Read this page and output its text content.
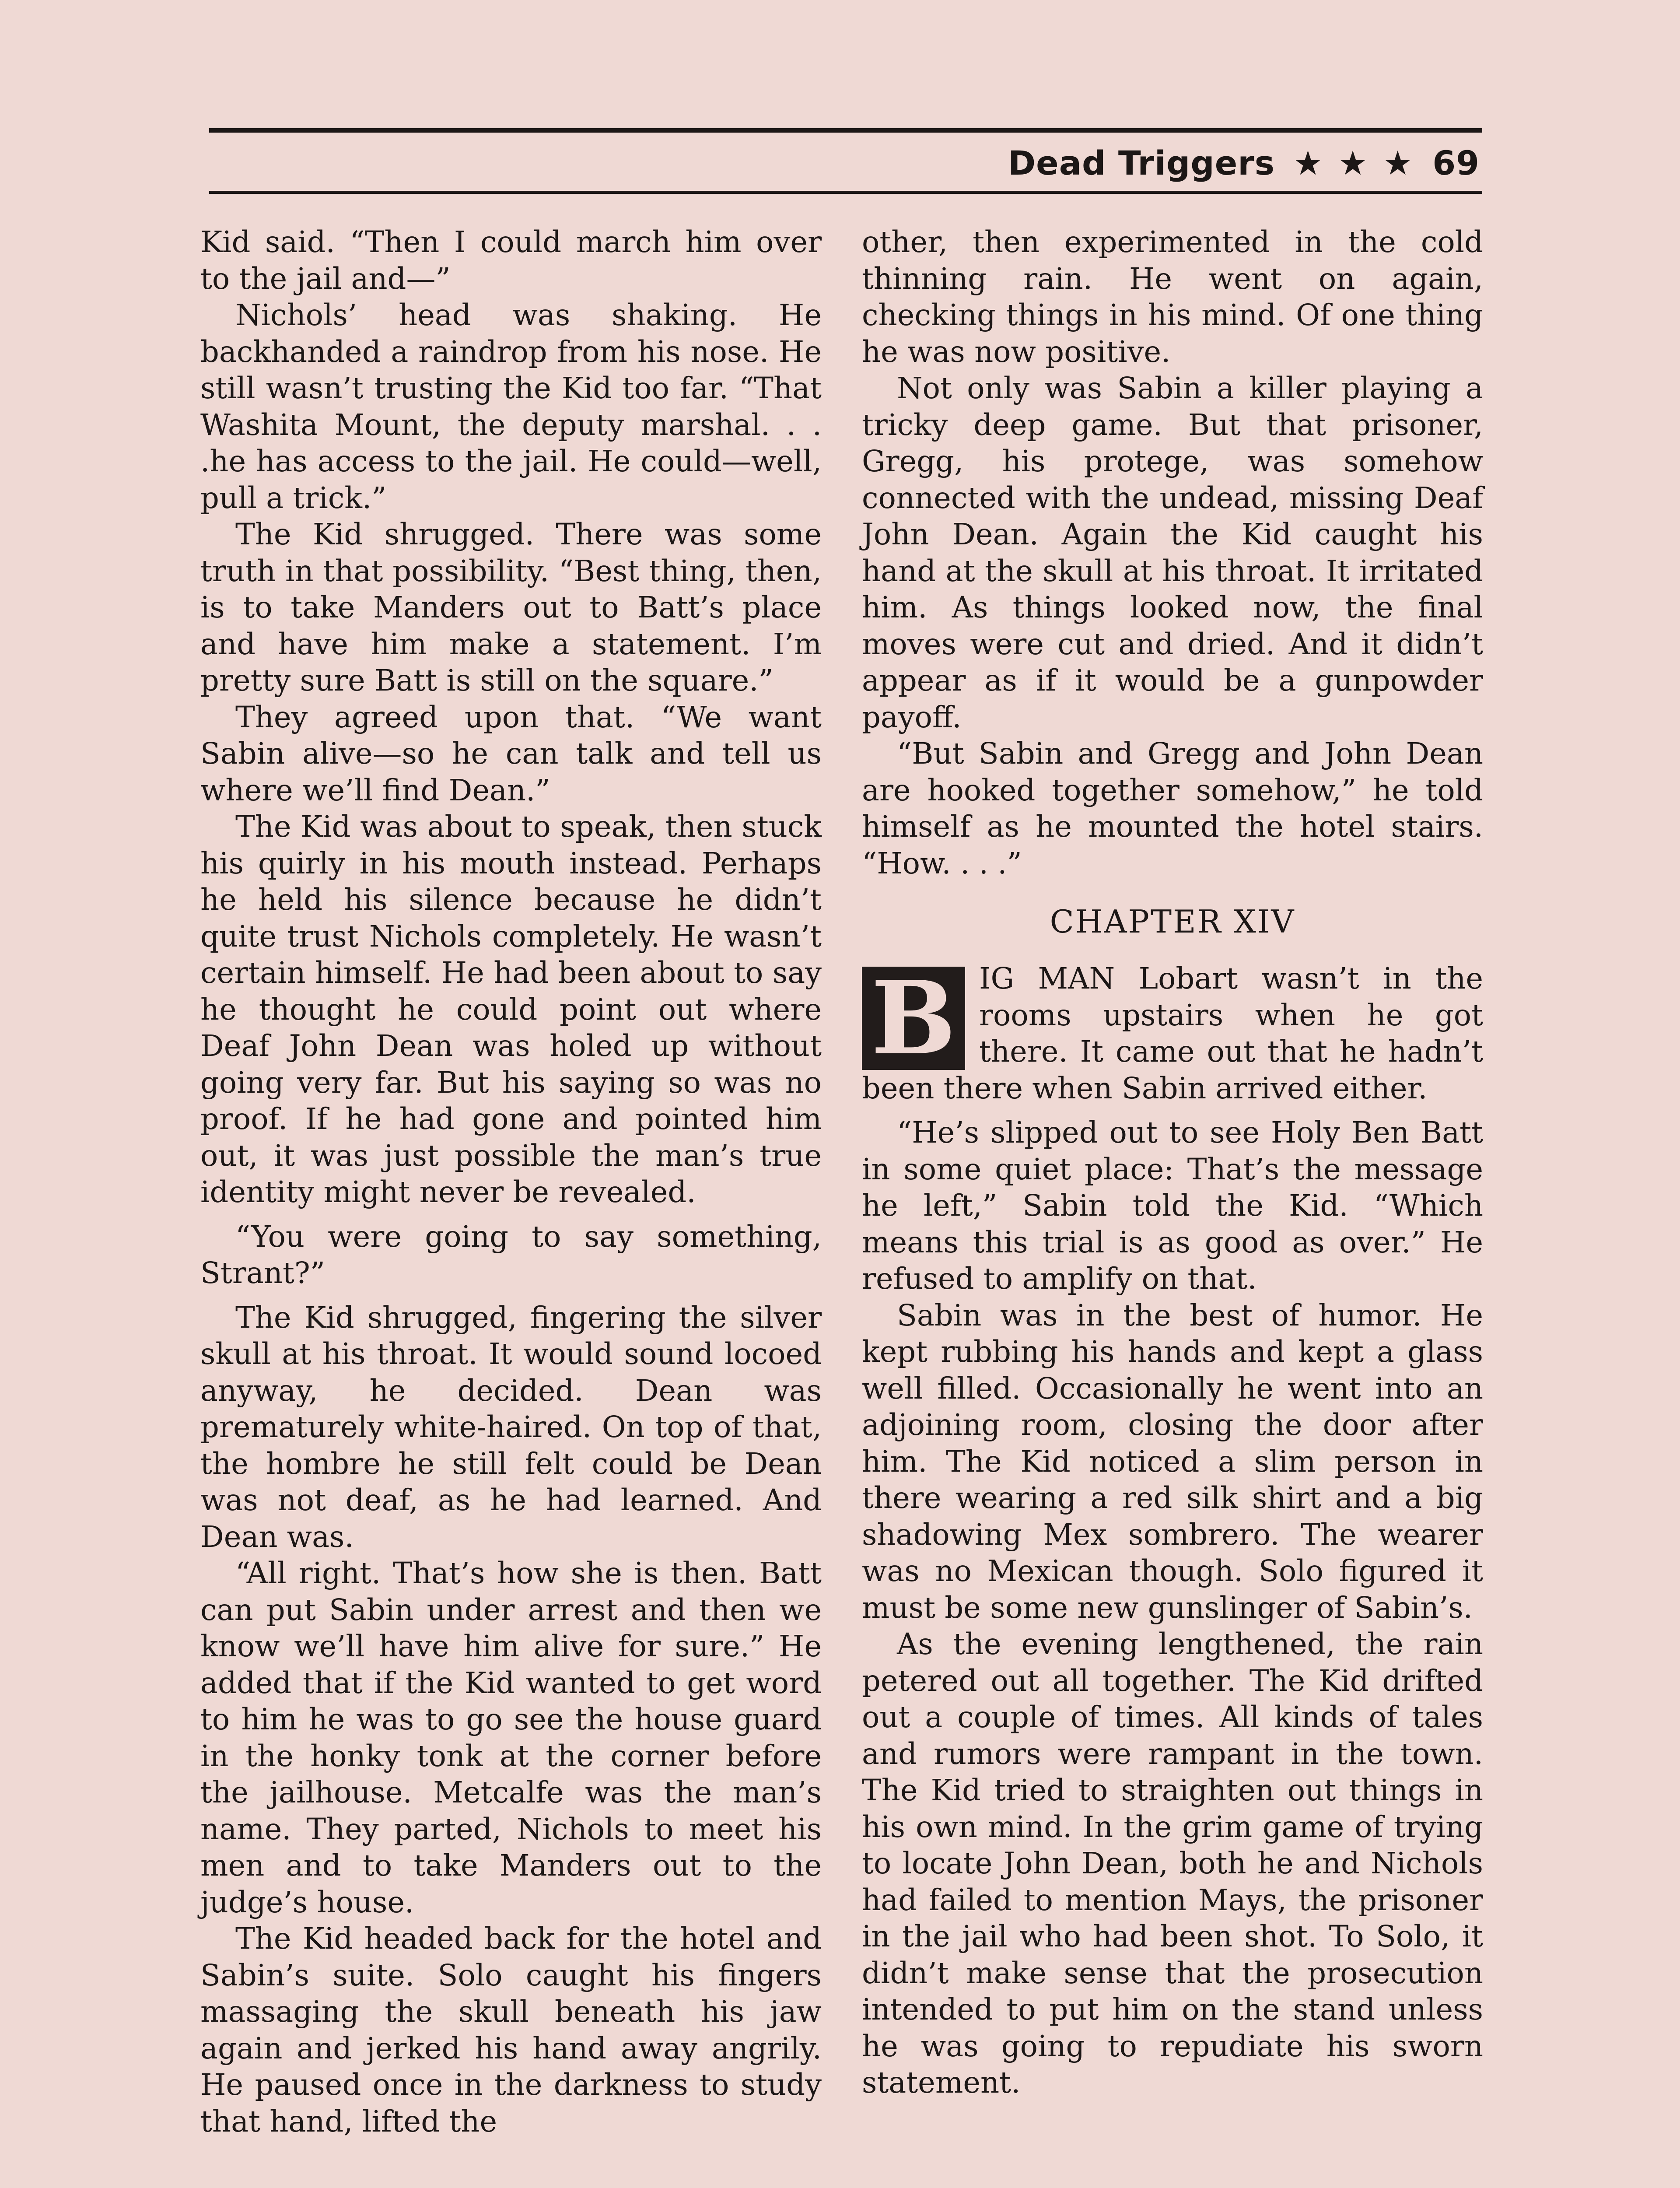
Dead Triggers ★ ★ ★ 69

Kid said. “Then I could march him over to the jail and—”

Nichols’ head was shaking. He backhanded a raindrop from his nose. He still wasn’t trusting the Kid too far. “That Washita Mount, the deputy marshal. . . .he has access to the jail. He could—well, pull a trick.”

The Kid shrugged. There was some truth in that possibility. “Best thing, then, is to take Manders out to Batt’s place and have him make a statement. I’m pretty sure Batt is still on the square.”

They agreed upon that. “We want Sabin alive—so he can talk and tell us where we’ll find Dean.”

The Kid was about to speak, then stuck his quirly in his mouth instead. Perhaps he held his silence because he didn’t quite trust Nichols completely. He wasn’t certain himself. He had been about to say he thought he could point out where Deaf John Dean was holed up without going very far. But his saying so was no proof. If he had gone and pointed him out, it was just possible the man’s true identity might never be revealed.

“You were going to say something, Strant?”

The Kid shrugged, fingering the silver skull at his throat. It would sound locoed anyway, he decided. Dean was prematurely white-haired. On top of that, the hombre he still felt could be Dean was not deaf, as he had learned. And Dean was.

“All right. That’s how she is then. Batt can put Sabin under arrest and then we know we’ll have him alive for sure.” He added that if the Kid wanted to get word to him he was to go see the house guard in the honky tonk at the corner before the jailhouse. Metcalfe was the man’s name. They parted, Nichols to meet his men and to take Manders out to the judge’s house.

The Kid headed back for the hotel and Sabin’s suite. Solo caught his fingers massaging the skull beneath his jaw again and jerked his hand away angrily. He paused once in the darkness to study that hand, lifted the

other, then experimented in the cold thinning rain. He went on again, checking things in his mind. Of one thing he was now positive.

Not only was Sabin a killer playing a tricky deep game. But that prisoner, Gregg, his protege, was somehow connected with the undead, missing Deaf John Dean. Again the Kid caught his hand at the skull at his throat. It irritated him. As things looked now, the final moves were cut and dried. And it didn’t appear as if it would be a gunpowder payoff.

“But Sabin and Gregg and John Dean are hooked together somehow,” he told himself as he mounted the hotel stairs. “How. . . .”

CHAPTER XIV

B IG MAN Lobart wasn’t in the rooms upstairs when he got there. It came out that he hadn’t been there when Sabin arrived either.

“He’s slipped out to see Holy Ben Batt in some quiet place: That’s the message he left,” Sabin told the Kid. “Which means this trial is as good as over.” He refused to amplify on that.

Sabin was in the best of humor. He kept rubbing his hands and kept a glass well filled. Occasionally he went into an adjoining room, closing the door after him. The Kid noticed a slim person in there wearing a red silk shirt and a big shadowing Mex sombrero. The wearer was no Mexican though. Solo figured it must be some new gunslinger of Sabin’s.

As the evening lengthened, the rain petered out all together. The Kid drifted out a couple of times. All kinds of tales and rumors were rampant in the town. The Kid tried to straighten out things in his own mind. In the grim game of trying to locate John Dean, both he and Nichols had failed to mention Mays, the prisoner in the jail who had been shot. To Solo, it didn’t make sense that the prosecution intended to put him on the stand unless he was going to repudiate his sworn statement.
